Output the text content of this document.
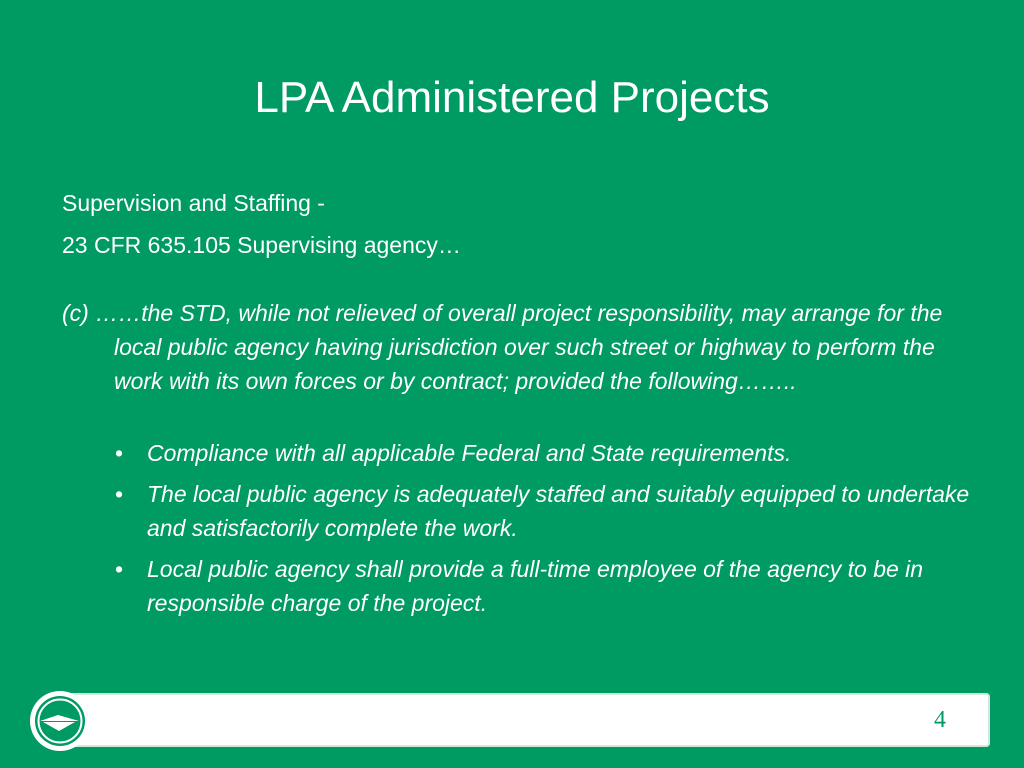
LPA Administered Projects
Supervision and Staffing -
23 CFR 635.105 Supervising agency…
(c) ……the STD, while not relieved of overall project responsibility, may arrange for the local public agency having jurisdiction over such street or highway to perform the work with its own forces or by contract; provided the following……..
• Compliance with all applicable Federal and State requirements.
• The local public agency is adequately staffed and suitably equipped to undertake and satisfactorily complete the work.
• Local public agency shall provide a full-time employee of the agency to be in responsible charge of the project.
4
